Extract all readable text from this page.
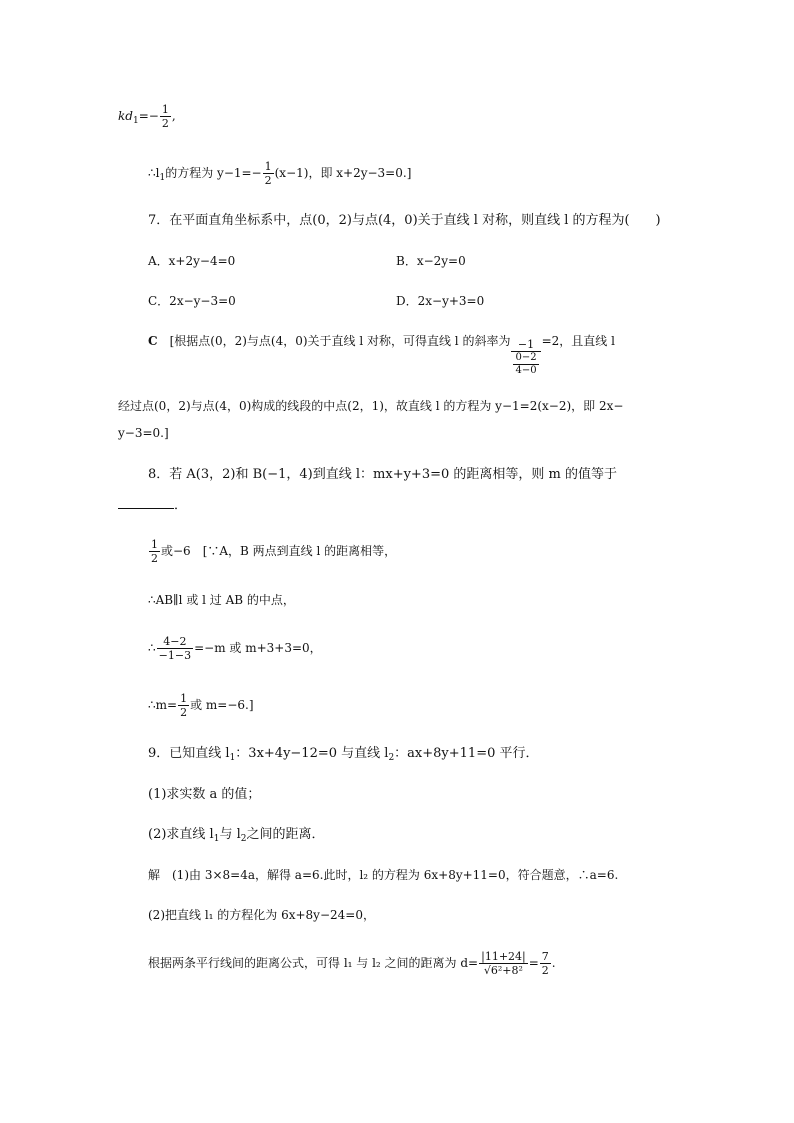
$kd_1=- \frac{1}{2}$ ,
$\therefore l_1$的方程为 $y-1=- \frac{1}{2} (x-1)$，即 x+2y−3=0.]
7．在平面直角坐标系中，点(0，2)与点(4，0)关于直线 l 对称，则直线 l 的方程为(　　)
A．x+2y−4=0	B．x−2y=0
C．2x−y−3=0	D．2x−y+3=0
C　 [根据点(0，2)与点(4，0)关于直线 l 对称，可得直线 l 的斜率为 $\frac{-1}{\frac{0-2}{4-0}} =2$，且直线 l
经过点(0，2)与点(4，0)构成的线段的中点(2，1)，故直线 l 的方程为 y−1=2(x−2)，即 2x−
y−3=0.]
8．若 A(3，2)和 B(−1，4)到直线 l：mx+y+3=0 的距离相等，则 m 的值等于
．
$\frac{1}{2}$ 或−6　[∵A，B 两点到直线 l 的距离相等，
∴AB∥l 或 l 过 AB 的中点，
∴ $\frac{4-2}{-1-3} =-m$ 或 m+3+3=0，
∴m= $\frac{1}{2}$ 或 m=−6.]
9．已知直线 $l_1$：3x+4y−12=0 与直线 $l_2$：ax+8y+11=0 平行．
(1)求实数 a 的值；
(2)求直线 $l_1$与 $l_2$之间的距离．
解　(1)由 3×8=4a，解得 a=6.此时，l₂ 的方程为 6x+8y+11=0，符合题意，∴a=6.
(2)把直线 l₁ 的方程化为 6x+8y−24=0，
根据两条平行线间的距离公式，可得 l₁ 与 l₂ 之间的距离为 $d= \frac{|11+24|}{\text{√6²+8²}} = \frac{7}{2}$ .
